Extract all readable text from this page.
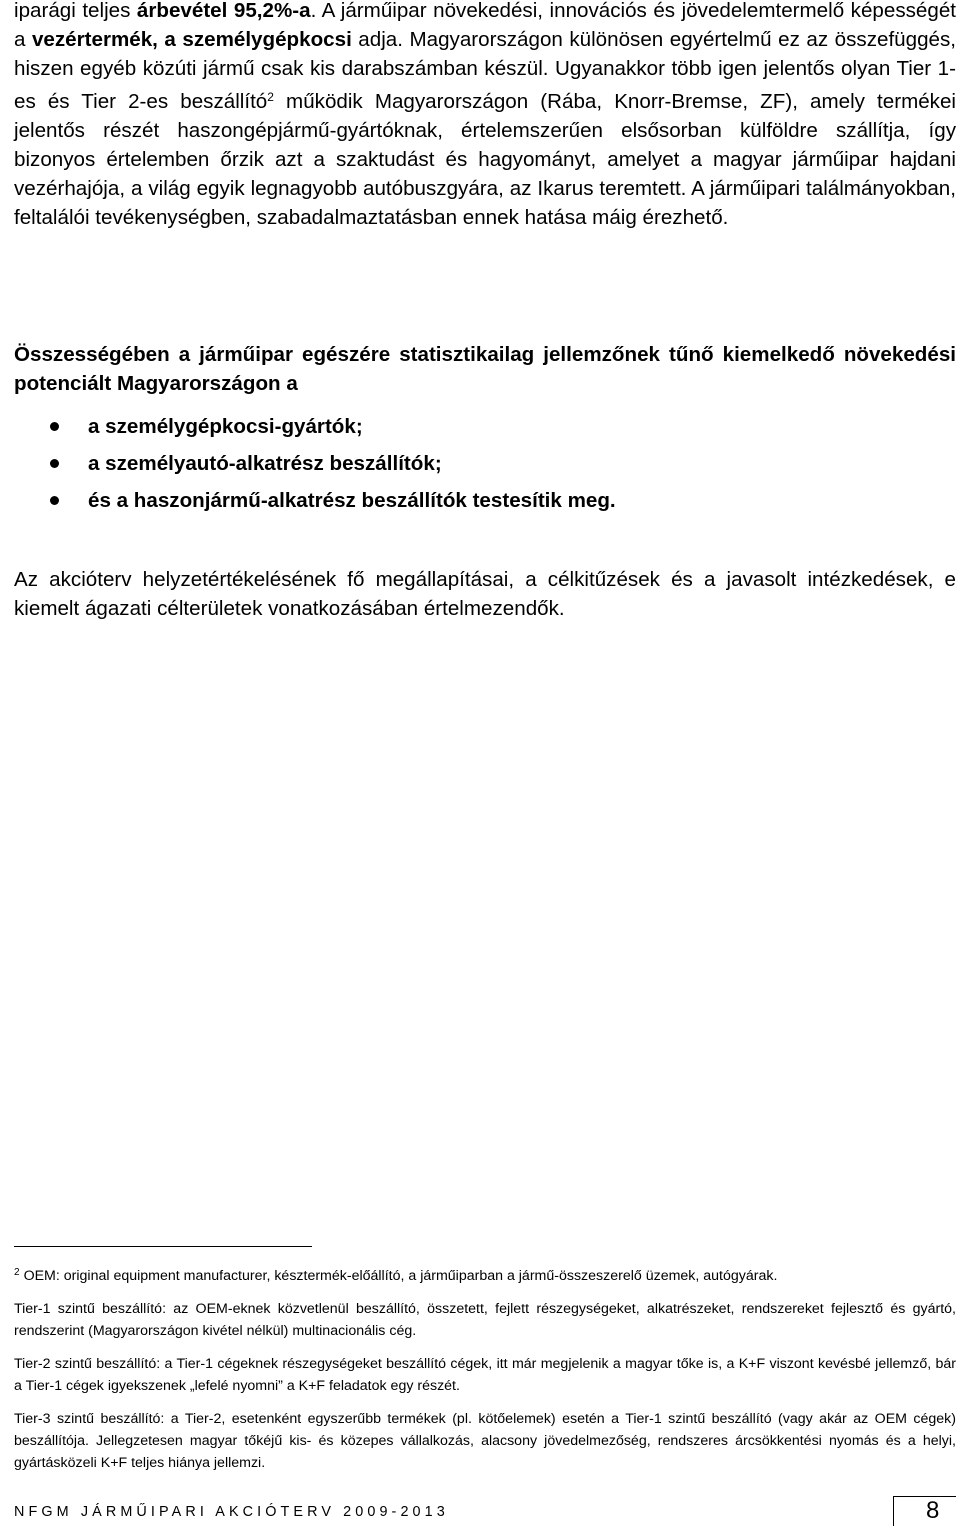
iparági teljes árbevétel 95,2%-a. A járműipar növekedési, innovációs és jövedelemtermelő képességét a vezértermék, a személygépkocsi adja. Magyarországon különösen egyértelmű ez az összefüggés, hiszen egyéb közúti jármű csak kis darabszámban készül. Ugyanakkor több igen jelentős olyan Tier 1-es és Tier 2-es beszállító$^2$ működik Magyarországon (Rába, Knorr-Bremse, ZF), amely termékei jelentős részét haszongépjármű-gyártóknak, értelemszerűen elsősorban külföldre szállítja, így bizonyos értelemben őrzik azt a szaktudást és hagyományt, amelyet a magyar járműipar hajdani vezérhajója, a világ egyik legnagyobb autóbuszgyára, az Ikarus teremtett. A járműipari találmányokban, feltalálói tevékenységben, szabadalmaztatásban ennek hatása máig érezhető.

Összességében a járműipar egészére statisztikailag jellemzőnek tűnő kiemelkedő növekedési potenciált Magyarországon a

a személygépkocsi-gyártók;
a személyautó-alkatrész beszállítók;
és a haszonjármű-alkatrész beszállítók testesítik meg.

Az akcióterv helyzetértékelésének fő megállapításai, a célkitűzések és a javasolt intézkedések, e kiemelt ágazati célterületek vonatkozásában értelmezendők.

$^2$ OEM: original equipment manufacturer, késztermék-előállító, a járműiparban a jármű-összeszerelő üzemek, autógyárak.

Tier-1 szintű beszállító: az OEM-eknek közvetlenül beszállító, összetett, fejlett részegységeket, alkatrészeket, rendszereket fejlesztő és gyártó, rendszerint (Magyarországon kivétel nélkül) multinacionális cég.

Tier-2 szintű beszállító: a Tier-1 cégeknek részegységeket beszállító cégek, itt már megjelenik a magyar tőke is, a K+F viszont kevésbé jellemző, bár a Tier-1 cégek igyekszenek „lefelé nyomni” a K+F feladatok egy részét.

Tier-3 szintű beszállító: a Tier-2, esetenként egyszerűbb termékek (pl. kötőelemek) esetén a Tier-1 szintű beszállító (vagy akár az OEM cégek) beszállítója. Jellegzetesen magyar tőkéjű kis- és közepes vállalkozás, alacsony jövedelmezőség, rendszeres árcsökkentési nyomás és a helyi, gyártásközeli K+F teljes hiánya jellemzi.

NFGM JÁRMŰIPARI AKCIÓTERV 2009-2013	8
